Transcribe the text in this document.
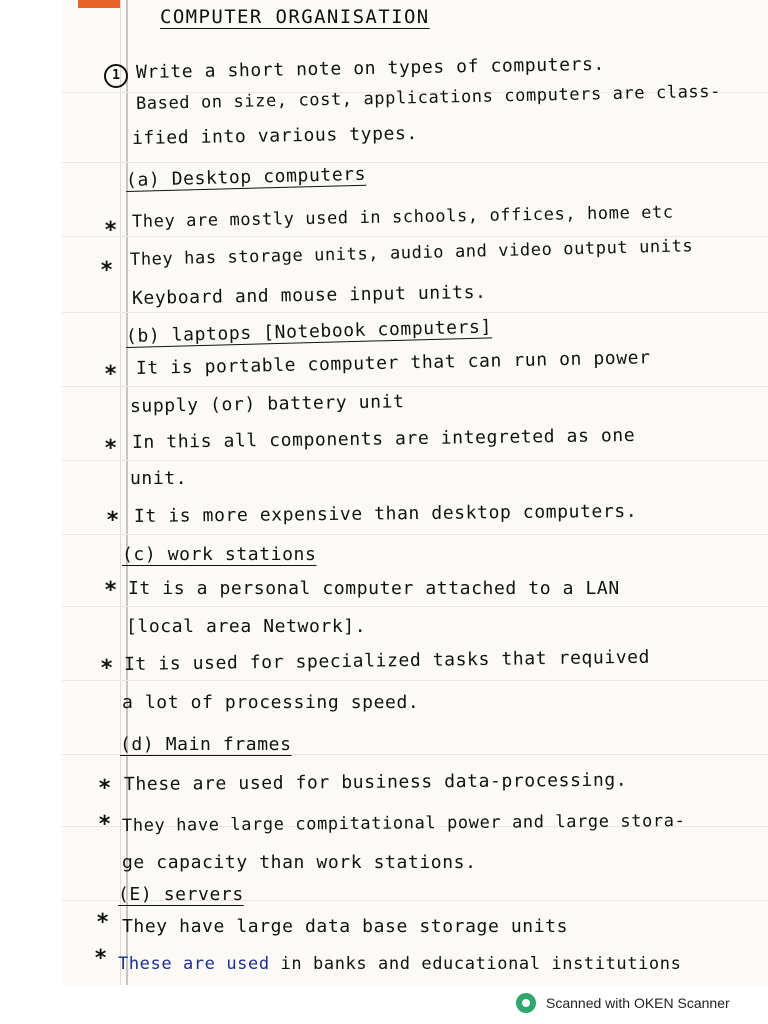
COMPUTER ORGANISATION
1 Write a short note on types of computers.
Based on size, cost, applications computers are class-
ified into various types.
(a) Desktop computers
* They are mostly used in schools, offices, home etc
*
They has storage units, audio and video output units
Keyboard and mouse input units.
(b) laptops [Notebook computers]
* It is portable computer that can run on power
supply (or) battery unit
* In this all components are integreted as one
unit.
* It is more expensive than desktop computers.
(c) work stations
* It is a personal computer attached to a LAN
[local area Network].
* It is used for specialized tasks that requived
a lot of processing speed.
(d) Main frames
* These are used for business data-processing.
* They have large compitational power and large stora-
ge capacity than work stations.
(E) servers
* They have large data base storage units
* These are used in banks and educational institutions
Scanned with OKEN Scanner
